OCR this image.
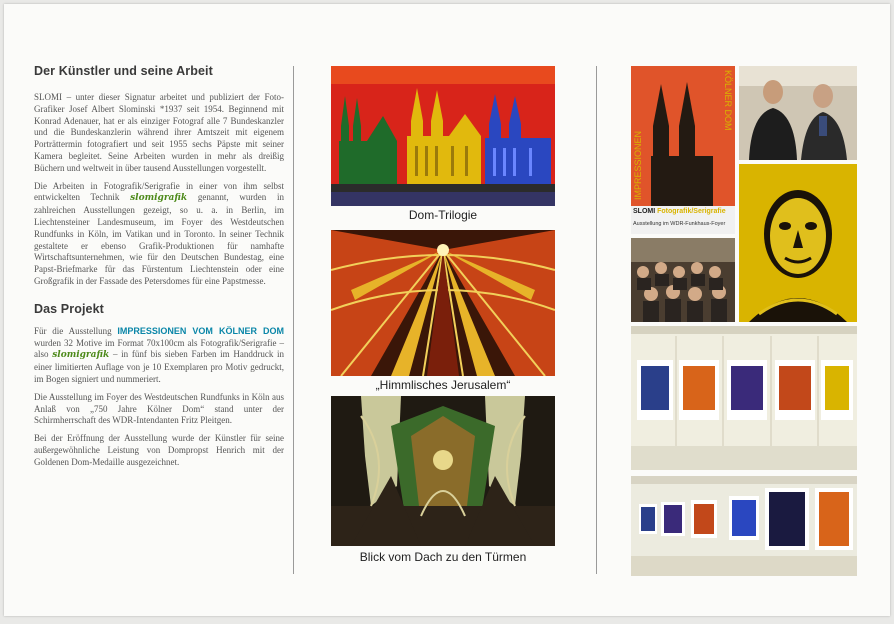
Der Künstler und seine Arbeit

SLOMI – unter dieser Signatur arbeitet und publiziert der Foto-Grafiker Josef Albert Slominski *1937 seit 1954. Beginnend mit Konrad Adenauer, hat er als einziger Fotograf alle 7 Bundeskanzler und die Bundeskanzlerin während ihrer Amtszeit mit eigenem Porträttermin fotografiert und seit 1955 sechs Päpste mit seiner Kamera begleitet. Seine Arbeiten wurden in mehr als dreißig Büchern und weltweit in über tausend Ausstellungen vorgestellt.

Die Arbeiten in Fotografik/Serigrafie in einer von ihm selbst entwickelten Technik slomigrafik genannt, wurden in zahlreichen Ausstellungen gezeigt, so u. a. in Berlin, im Liechtensteiner Landesmuseum, im Foyer des Westdeutschen Rundfunks in Köln, im Vatikan und in Toronto. In seiner Technik gestaltete er ebenso Grafik-Produktionen für namhafte Wirtschaftsunternehmen, wie für den Deutschen Bundestag, eine Papst-Briefmarke für das Fürstentum Liechtenstein oder eine Großgrafik in der Fassade des Petersdomes für eine Papstmesse.

Das Projekt

Für die Ausstellung IMPRESSIONEN VOM KÖLNER DOM wurden 32 Motive im Format 70x100cm als Fotografik/Serigrafie – also slomigrafik – in fünf bis sieben Farben im Handdruck in einer limitierten Auflage von je 10 Exemplaren pro Motiv gedruckt, im Bogen signiert und nummeriert.

Die Ausstellung im Foyer des Westdeutschen Rundfunks in Köln aus Anlaß von „750 Jahre Kölner Dom“ stand unter der Schirmherrschaft des WDR-Intendanten Fritz Pleitgen.

Bei der Eröffnung der Ausstellung wurde der Künstler für seine außergewöhnliche Leistung von Dompropst Henrich mit der Goldenen Dom-Medaille ausgezeichnet.

Dom-Trilogie
„Himmlisches Jerusalem“
Blick vom Dach zu den Türmen
IMPRESSIONEN
KÖLNER DOM
SLOMI Fotografik/Serigrafie
Ausstellung im WDR-Funkhaus-Foyer
